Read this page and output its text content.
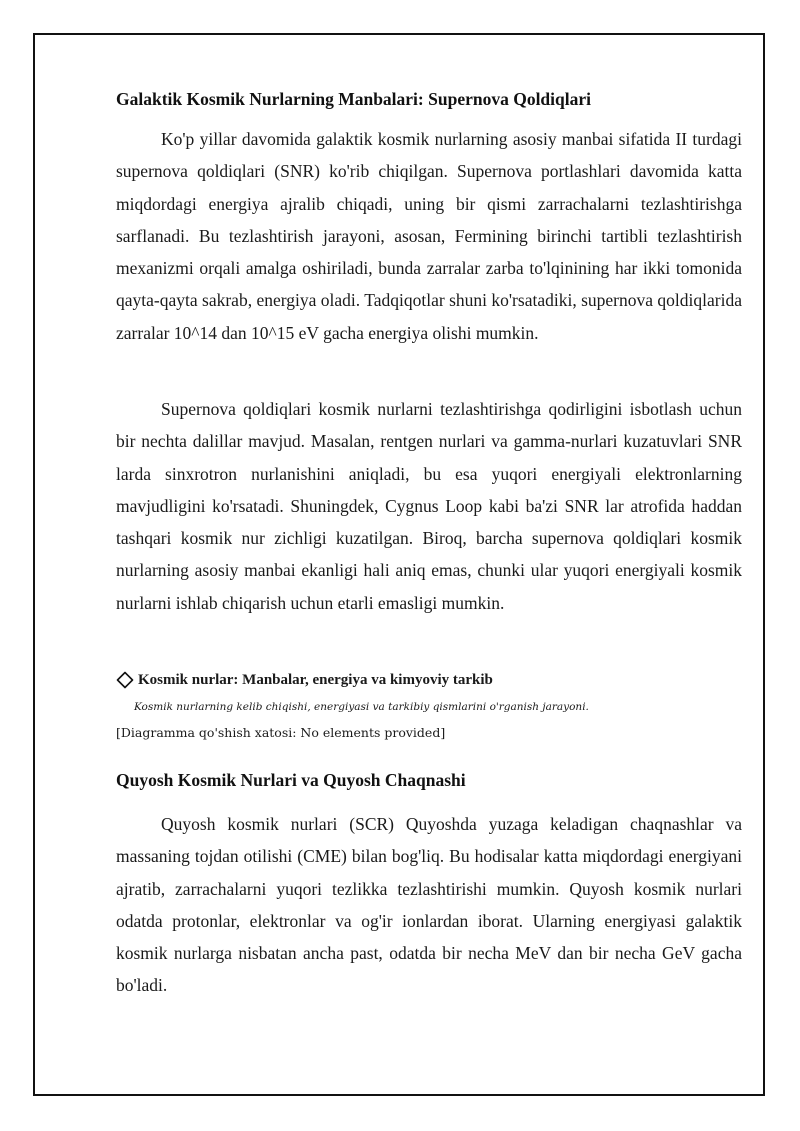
Galaktik Kosmik Nurlarning Manbalari: Supernova Qoldiqlari

Ko'p yillar davomida galaktik kosmik nurlarning asosiy manbai sifatida II turdagi supernova qoldiqlari (SNR) ko'rib chiqilgan. Supernova portlashlari davomida katta miqdordagi energiya ajralib chiqadi, uning bir qismi zarrachalarni tezlashtirishga sarflanadi. Bu tezlashtirish jarayoni, asosan, Fermining birinchi tartibli tezlashtirish mexanizmi orqali amalga oshiriladi, bunda zarralar zarba to'lqinining har ikki tomonida qayta-qayta sakrab, energiya oladi. Tadqiqotlar shuni ko'rsatadiki, supernova qoldiqlarida zarralar 10^14 dan 10^15 eV gacha energiya olishi mumkin.

Supernova qoldiqlari kosmik nurlarni tezlashtirishga qodirligini isbotlash uchun bir nechta dalillar mavjud. Masalan, rentgen nurlari va gamma-nurlari kuzatuvlari SNR larda sinxrotron nurlanishini aniqladi, bu esa yuqori energiyali elektronlarning mavjudligini ko'rsatadi. Shuningdek, Cygnus Loop kabi ba'zi SNR lar atrofida haddan tashqari kosmik nur zichligi kuzatilgan. Biroq, barcha supernova qoldiqlari kosmik nurlarning asosiy manbai ekanligi hali aniq emas, chunki ular yuqori energiyali kosmik nurlarni ishlab chiqarish uchun etarli emasligi mumkin.

Kosmik nurlar: Manbalar, energiya va kimyoviy tarkib
Kosmik nurlarning kelib chiqishi, energiyasi va tarkibiy qismlarini o'rganish jarayoni.
[Diagramma qo'shish xatosi: No elements provided]
Quyosh Kosmik Nurlari va Quyosh Chaqnashi

Quyosh kosmik nurlari (SCR) Quyoshda yuzaga keladigan chaqnashlar va massaning tojdan otilishi (CME) bilan bog'liq. Bu hodisalar katta miqdordagi energiyani ajratib, zarrachalarni yuqori tezlikka tezlashtirishi mumkin. Quyosh kosmik nurlari odatda protonlar, elektronlar va og'ir ionlardan iborat. Ularning energiyasi galaktik kosmik nurlarga nisbatan ancha past, odatda bir necha MeV dan bir necha GeV gacha bo'ladi.
